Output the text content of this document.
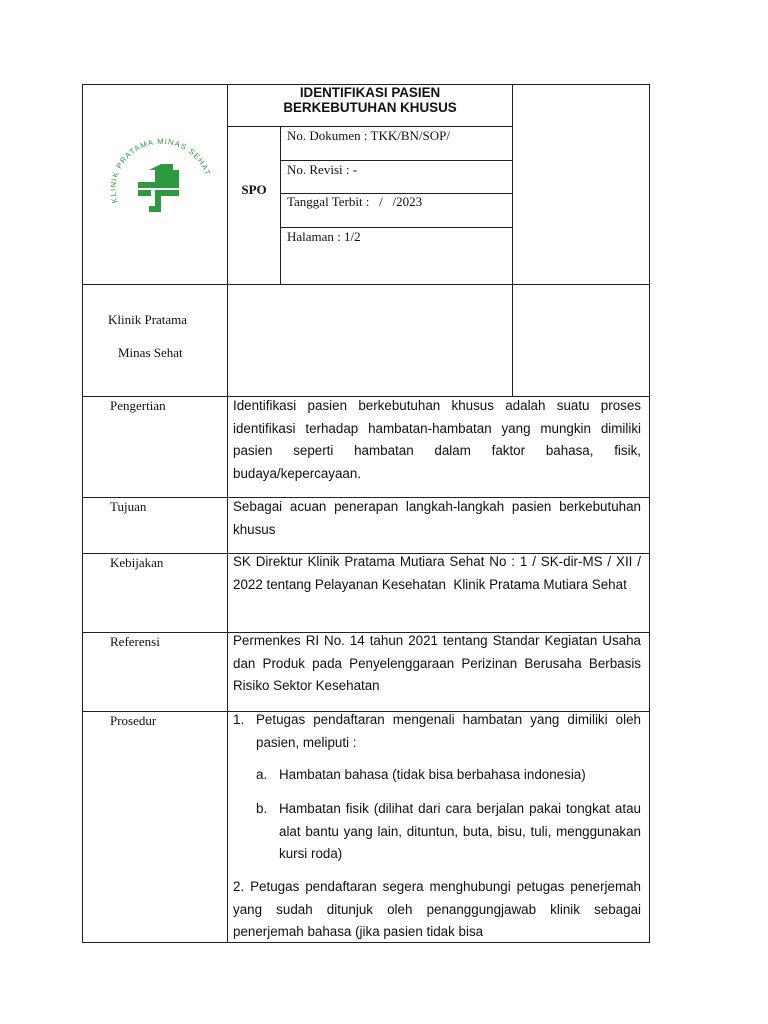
KLINIK PRATAMA MINAS SEHAT
IDENTIFIKASI PASIEN
BERKEBUTUHAN KHUSUS
SPO
No. Dokumen : TKK/BN/SOP/
No. Revisi : -
Tanggal Terbit :   /   /2023
Halaman : 1/2
Klinik Pratama
Minas Sehat
Pengertian	Identifikasi pasien berkebutuhan khusus adalah suatu proses identifikasi terhadap hambatan-hambatan yang mungkin dimiliki pasien seperti hambatan dalam faktor bahasa, fisik, budaya/kepercayaan.
Tujuan	Sebagai acuan penerapan langkah-langkah pasien berkebutuhan khusus
Kebijakan	SK Direktur Klinik Pratama Mutiara Sehat No : 1 / SK-dir-MS / XII / 2022 tentang Pelayanan Kesehatan  Klinik Pratama Mutiara Sehat
Referensi	Permenkes RI No. 14 tahun 2021 tentang Standar Kegiatan Usaha dan Produk pada Penyelenggaraan Perizinan Berusaha Berbasis Risiko Sektor Kesehatan
Prosedur	1. Petugas pendaftaran mengenali hambatan yang dimiliki oleh pasien, meliputi :
a. Hambatan bahasa (tidak bisa berbahasa indonesia)
b. Hambatan fisik (dilihat dari cara berjalan pakai tongkat atau alat bantu yang lain, dituntun, buta, bisu, tuli, menggunakan kursi roda)
2. Petugas pendaftaran segera menghubungi petugas penerjemah yang sudah ditunjuk oleh penanggungjawab klinik sebagai penerjemah bahasa (jika pasien tidak bisa
